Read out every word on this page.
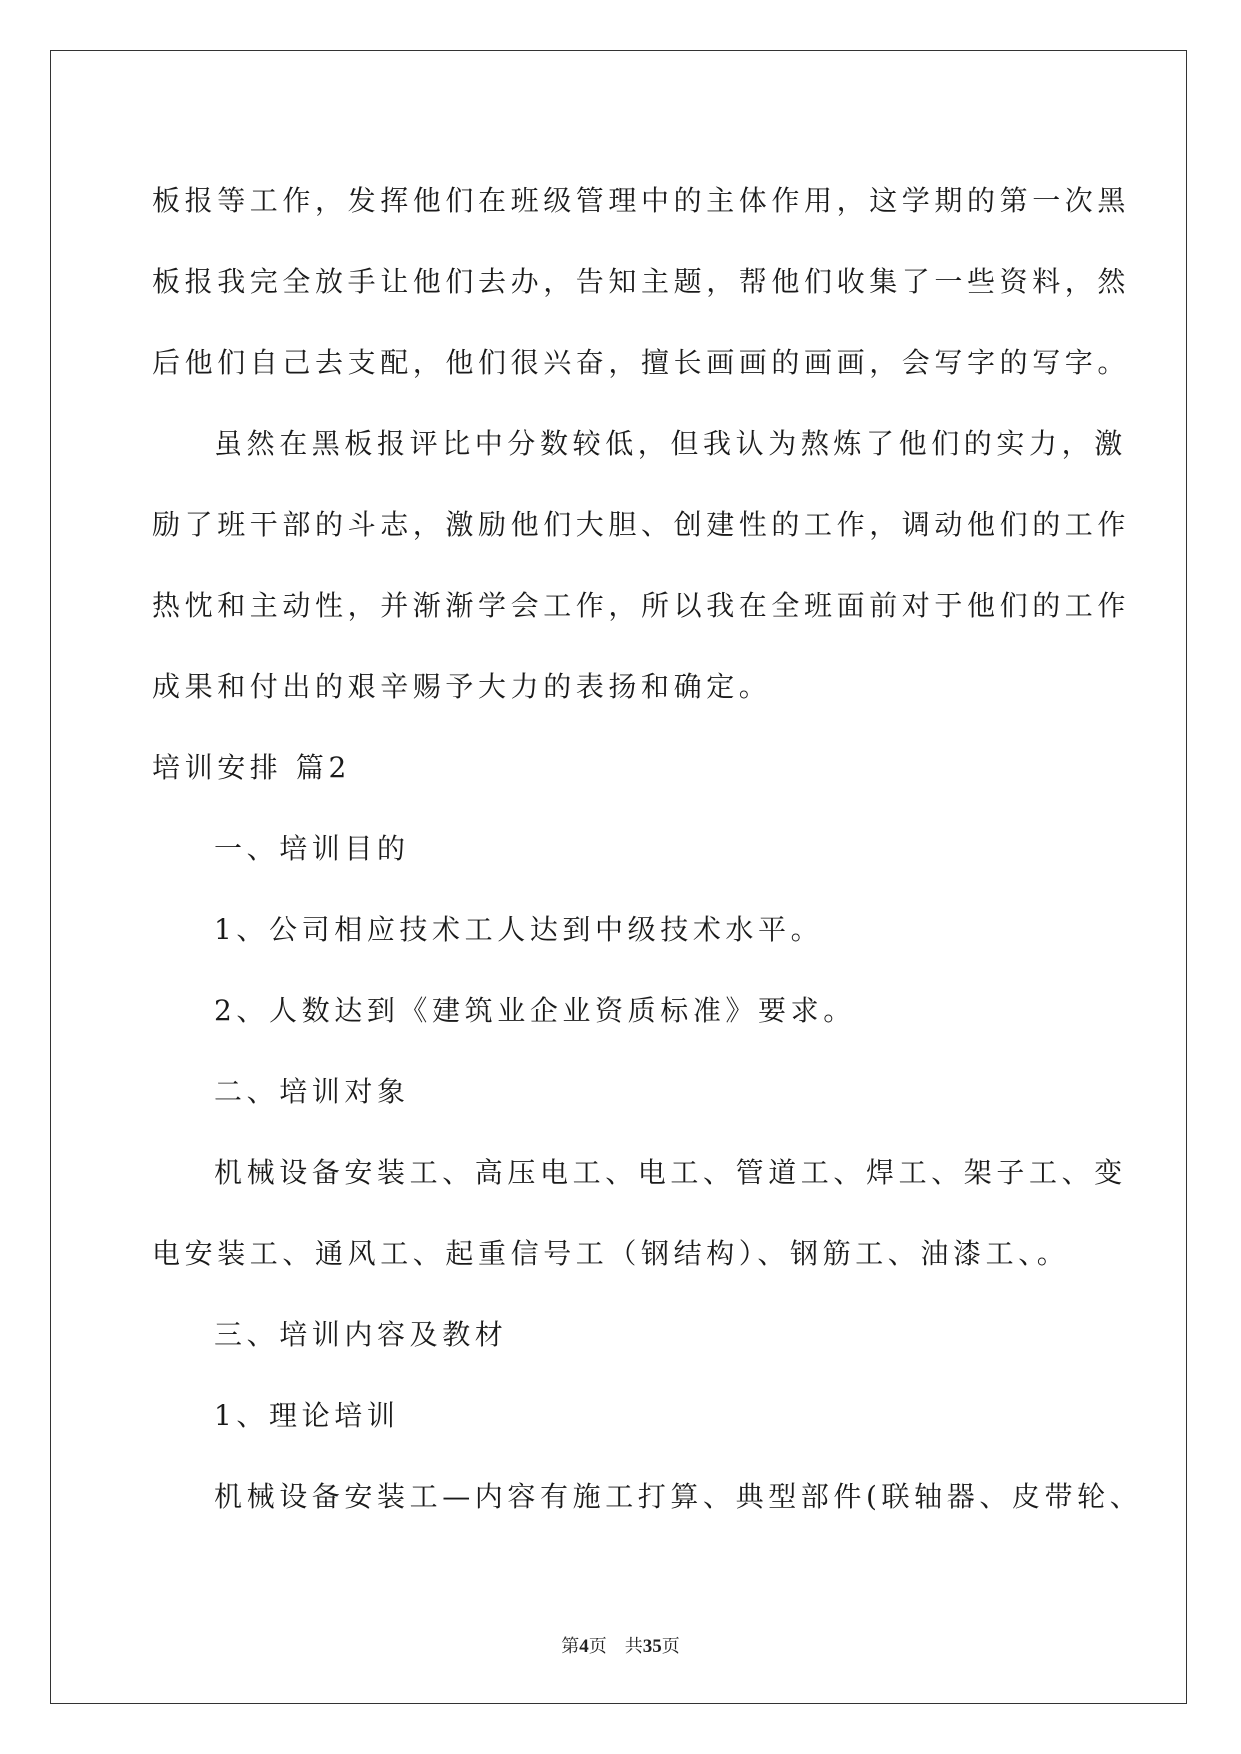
板报等工作，发挥他们在班级管理中的主体作用，这学期的第一次黑

板报我完全放手让他们去办，告知主题，帮他们收集了一些资料，然

后他们自己去支配，他们很兴奋，擅长画画的画画，会写字的写字。

虽然在黑板报评比中分数较低，但我认为熬炼了他们的实力，激

励了班干部的斗志，激励他们大胆、创建性的工作，调动他们的工作

热忱和主动性，并渐渐学会工作，所以我在全班面前对于他们的工作

成果和付出的艰辛赐予大力的表扬和确定。

培训安排 篇2

一、培训目的

1、公司相应技术工人达到中级技术水平。

2、人数达到《建筑业企业资质标准》要求。

二、培训对象

机械设备安装工、高压电工、电工、管道工、焊工、架子工、变

电安装工、通风工、起重信号工（钢结构）、钢筋工、油漆工、。

三、培训内容及教材

1、理论培训

机械设备安装工—内容有施工打算、典型部件(联轴器、皮带轮、

第4页　共35页
